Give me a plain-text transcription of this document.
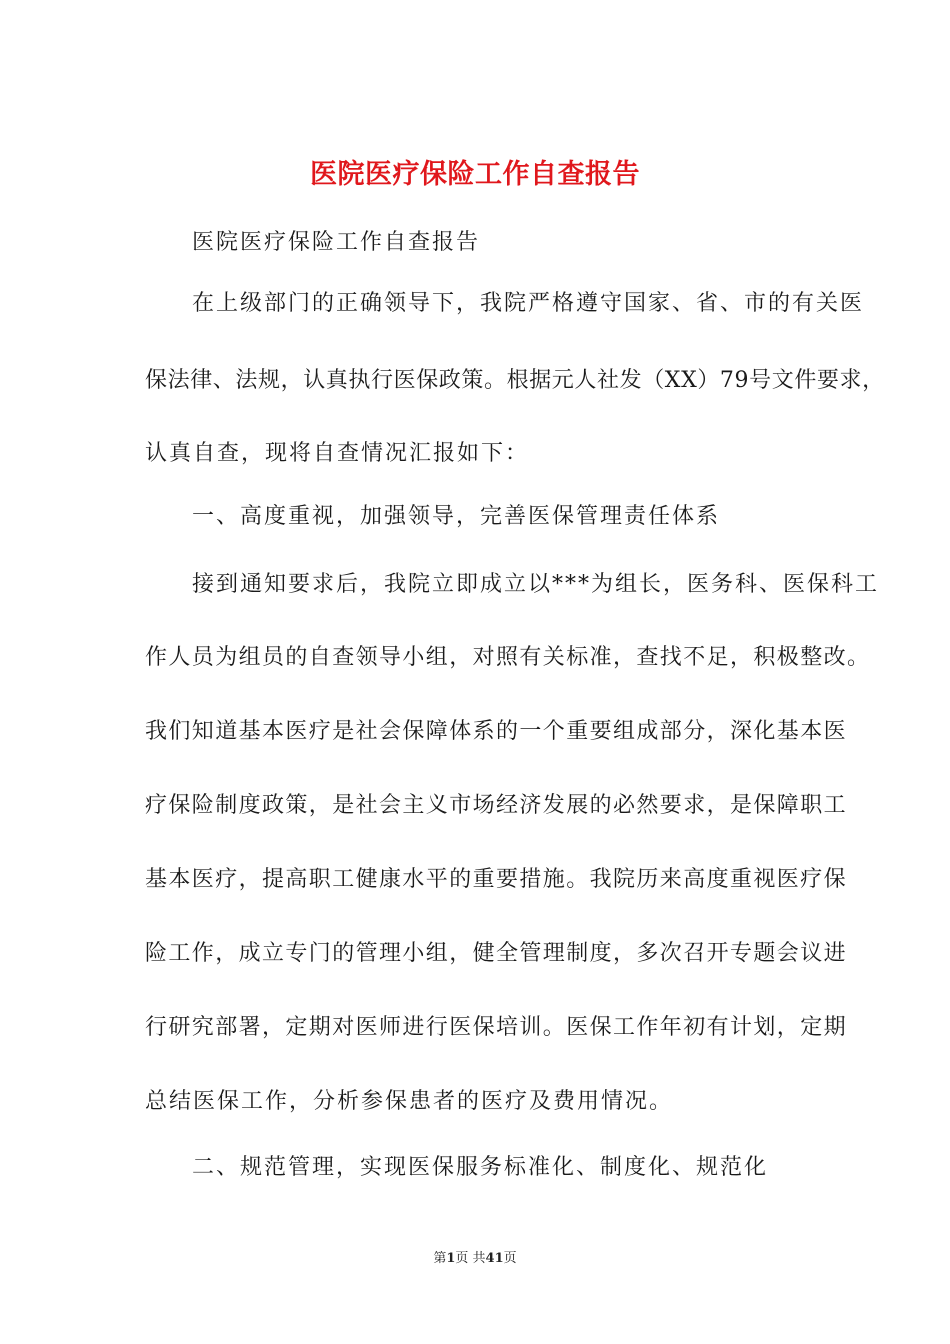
医院医疗保险工作自查报告
医院医疗保险工作自查报告
在上级部门的正确领导下，我院严格遵守国家、省、市的有关医
保法律、法规，认真执行医保政策。根据元人社发（XX）79号文件要求，
认真自查，现将自查情况汇报如下：
一、高度重视，加强领导，完善医保管理责任体系
接到通知要求后，我院立即成立以***为组长，医务科、医保科工
作人员为组员的自查领导小组，对照有关标准，查找不足，积极整改。
我们知道基本医疗是社会保障体系的一个重要组成部分，深化基本医
疗保险制度政策，是社会主义市场经济发展的必然要求，是保障职工
基本医疗，提高职工健康水平的重要措施。我院历来高度重视医疗保
险工作，成立专门的管理小组，健全管理制度，多次召开专题会议进
行研究部署，定期对医师进行医保培训。医保工作年初有计划，定期
总结医保工作，分析参保患者的医疗及费用情况。
二、规范管理，实现医保服务标准化、制度化、规范化
第1页 共41页
